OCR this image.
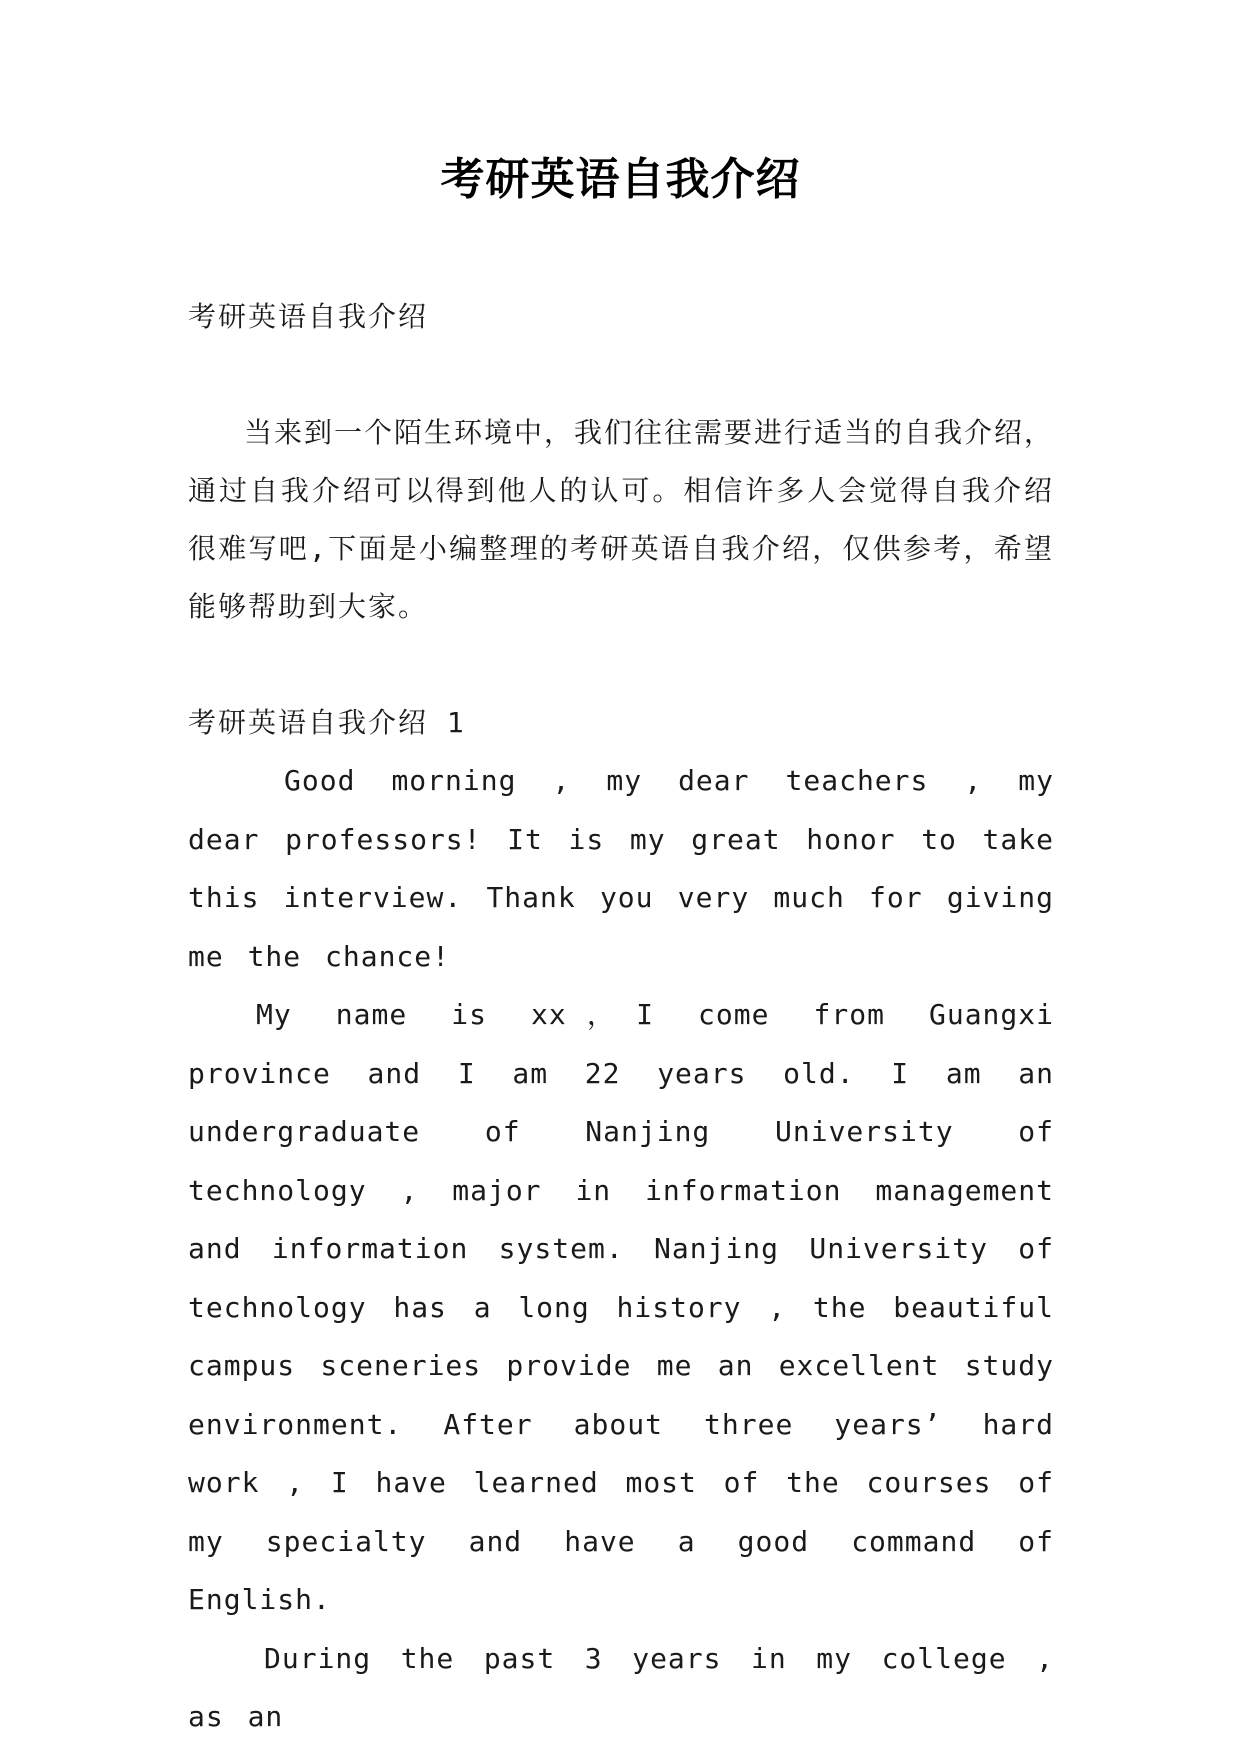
考研英语自我介绍

考研英语自我介绍

当来到一个陌生环境中，我们往往需要进行适当的自我介绍，通过自我介绍可以得到他人的认可。相信许多人会觉得自我介绍很难写吧,下面是小编整理的考研英语自我介绍，仅供参考，希望能够帮助到大家。

考研英语自我介绍 1

Good morning , my dear teachers , my dear professors! It is my great honor to take this interview. Thank you very much for giving me the chance!

My name is xx，I come from Guangxi province and I am 22 years old. I am an undergraduate of Nanjing University of technology , major in information management and information system. Nanjing University of technology has a long history , the beautiful campus sceneries provide me an excellent study environment. After about three years’ hard work , I have learned most of the courses of my specialty and have a good command of English.

During the past 3 years in my college , as an
